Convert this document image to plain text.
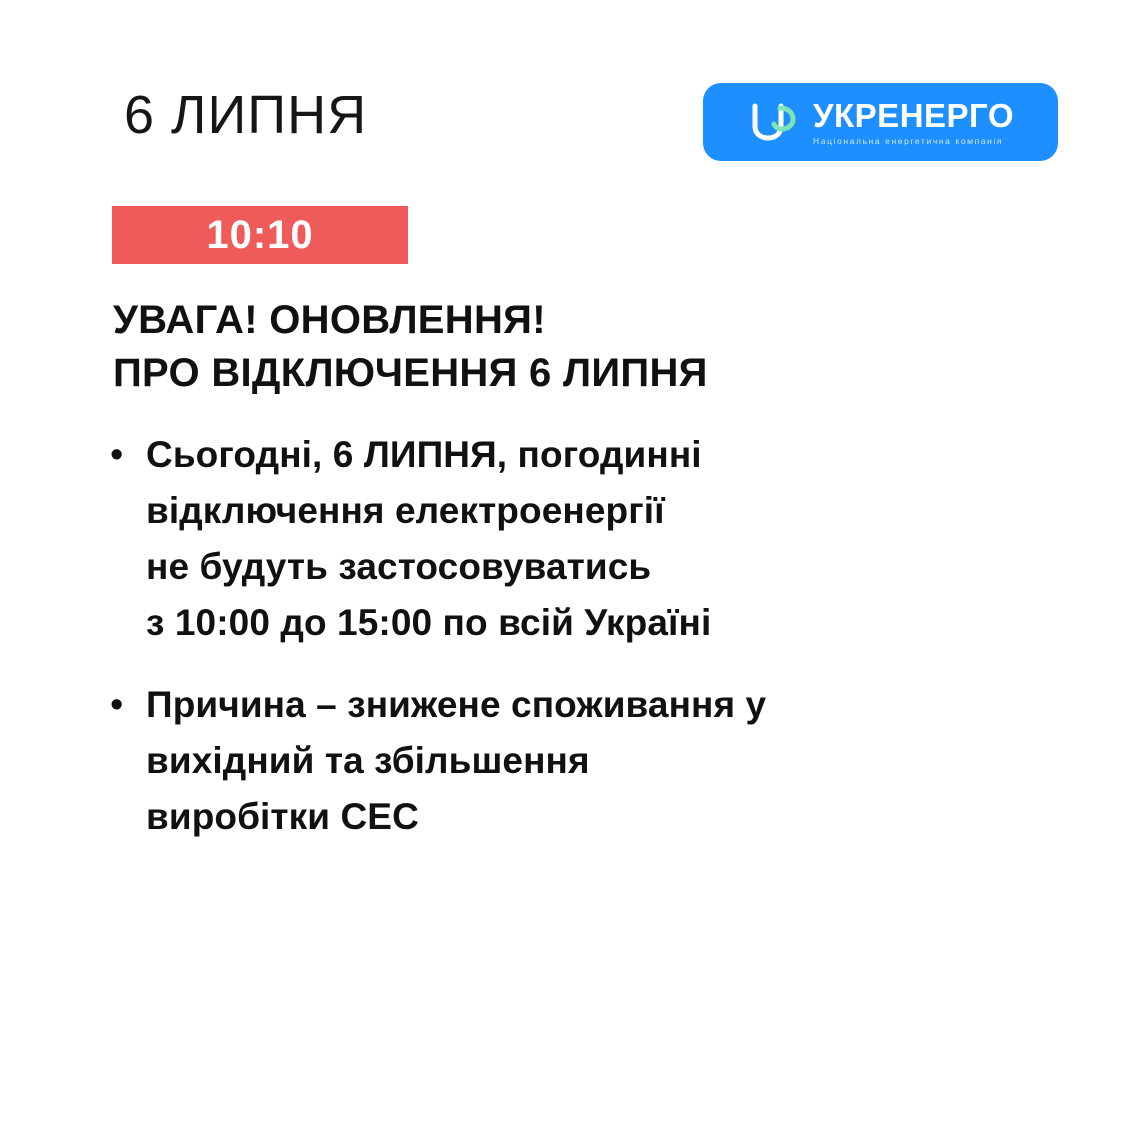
6 ЛИПНЯ	УКРЕНЕРГО
Національна енергетична компанія
10:10
УВАГА! ОНОВЛЕННЯ!
ПРО ВІДКЛЮЧЕННЯ 6 ЛИПНЯ
• Сьогодні, 6 ЛИПНЯ, погодинні
відключення електроенергії
не будуть застосовуватись
з 10:00 до 15:00 по всій Україні
• Причина – знижене споживання у
вихідний та збільшення
виробітки СЕС
